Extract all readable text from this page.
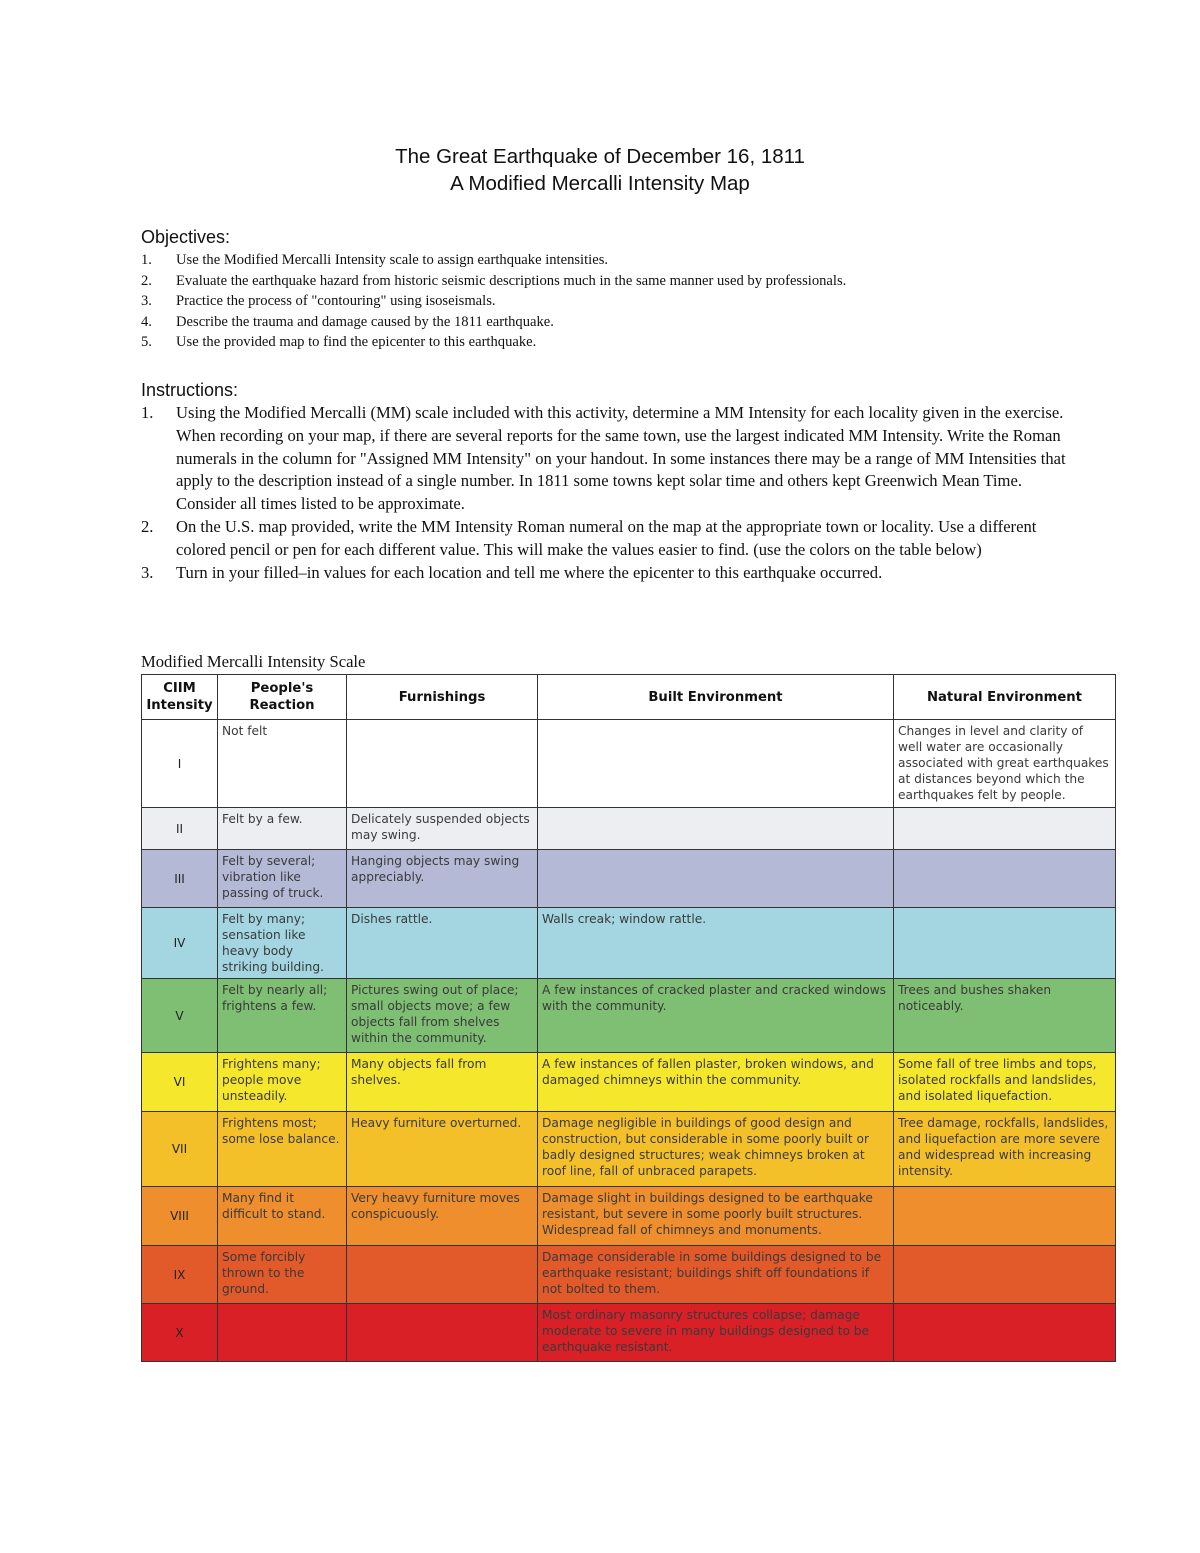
The Great Earthquake of December 16, 1811
A Modified Mercalli Intensity Map
Objectives:
1. Use the Modified Mercalli Intensity scale to assign earthquake intensities.
2. Evaluate the earthquake hazard from historic seismic descriptions much in the same manner used by professionals.
3. Practice the process of "contouring" using isoseismals.
4. Describe the trauma and damage caused by the 1811 earthquake.
5. Use the provided map to find the epicenter to this earthquake.
Instructions:
1. Using the Modified Mercalli (MM) scale included with this activity, determine a MM Intensity for each locality given in the exercise. When recording on your map, if there are several reports for the same town, use the largest indicated MM Intensity. Write the Roman numerals in the column for "Assigned MM Intensity" on your handout. In some instances there may be a range of MM Intensities that apply to the description instead of a single number. In 1811 some towns kept solar time and others kept Greenwich Mean Time. Consider all times listed to be approximate.
2. On the U.S. map provided, write the MM Intensity Roman numeral on the map at the appropriate town or locality. Use a different colored pencil or pen for each different value. This will make the values easier to find. (use the colors on the table below)
3. Turn in your filled–in values for each location and tell me where the epicenter to this earthquake occurred.
Modified Mercalli Intensity Scale
CIIM Intensity	People's Reaction	Furnishings	Built Environment	Natural Environment
I	Not felt			Changes in level and clarity of well water are occasionally associated with great earthquakes at distances beyond which the earthquakes felt by people.
II	Felt by a few.	Delicately suspended objects may swing.		
III	Felt by several; vibration like passing of truck.	Hanging objects may swing appreciably.		
IV	Felt by many; sensation like heavy body striking building.	Dishes rattle.	Walls creak; window rattle.	
V	Felt by nearly all; frightens a few.	Pictures swing out of place; small objects move; a few objects fall from shelves within the community.	A few instances of cracked plaster and cracked windows with the community.	Trees and bushes shaken noticeably.
VI	Frightens many; people move unsteadily.	Many objects fall from shelves.	A few instances of fallen plaster, broken windows, and damaged chimneys within the community.	Some fall of tree limbs and tops, isolated rockfalls and landslides, and isolated liquefaction.
VII	Frightens most; some lose balance.	Heavy furniture overturned.	Damage negligible in buildings of good design and construction, but considerable in some poorly built or badly designed structures; weak chimneys broken at roof line, fall of unbraced parapets.	Tree damage, rockfalls, landslides, and liquefaction are more severe and widespread with increasing intensity.
VIII	Many find it difficult to stand.	Very heavy furniture moves conspicuously.	Damage slight in buildings designed to be earthquake resistant, but severe in some poorly built structures. Widespread fall of chimneys and monuments.	
IX	Some forcibly thrown to the ground.		Damage considerable in some buildings designed to be earthquake resistant; buildings shift off foundations if not bolted to them.	
X			Most ordinary masonry structures collapse; damage moderate to severe in many buildings designed to be earthquake resistant.	
